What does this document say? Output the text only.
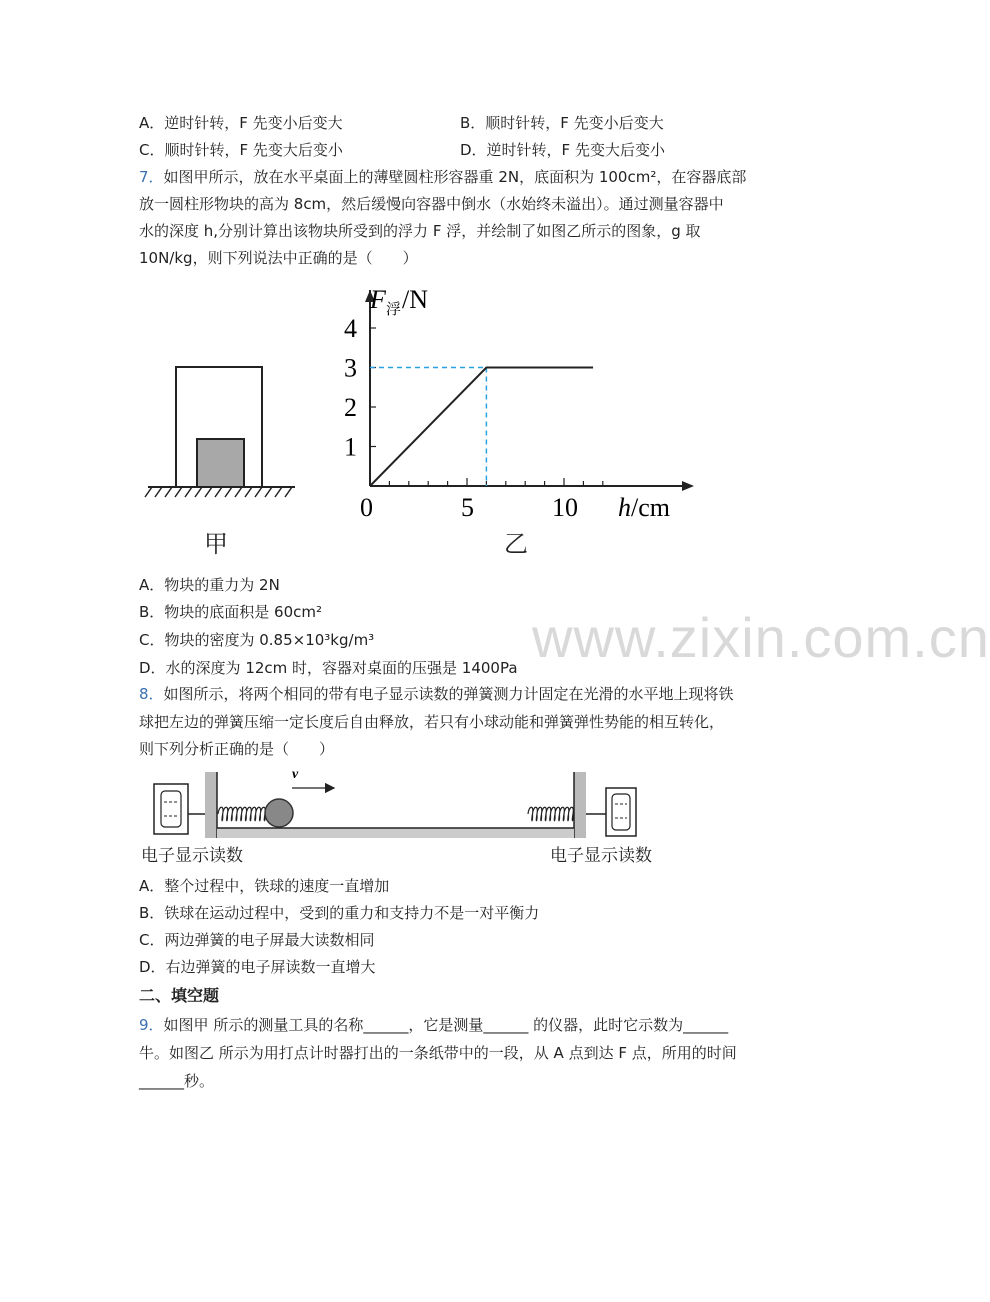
A．逆时针转，F 先变小后变大	B．顺时针转，F 先变小后变大
C．顺时针转，F 先变大后变小	D．逆时针转，F 先变大后变小
7．如图甲所示，放在水平桌面上的薄壁圆柱形容器重 2N，底面积为 100cm²，在容器底部
放一圆柱形物块的高为 8cm，然后缓慢向容器中倒水（水始终未溢出）。通过测量容器中
水的深度 h,分别计算出该物块所受到的浮力 F 浮，并绘制了如图乙所示的图象，g 取
10N/kg，则下列说法中正确的是（　　）
甲
0	5	10
1
2
3
4
F 浮 /N
h /cm
乙
A．物块的重力为 2N
B．物块的底面积是 60cm²
C．物块的密度为 0.85×10³kg/m³
D．水的深度为 12cm 时，容器对桌面的压强是 1400Pa www.zixin.com.cn
8．如图所示，将两个相同的带有电子显示读数的弹簧测力计固定在光滑的水平地上现将铁
球把左边的弹簧压缩一定长度后自由释放，若只有小球动能和弹簧弹性势能的相互转化，
则下列分析正确的是（　　）
v
电子显示读数	电子显示读数
A．整个过程中，铁球的速度一直增加
B．铁球在运动过程中，受到的重力和支持力不是一对平衡力
C．两边弹簧的电子屏最大读数相同
D．右边弹簧的电子屏读数一直增大
二、填空题
9．如图甲 所示的测量工具的名称______，它是测量______ 的仪器，此时它示数为______
牛。如图乙 所示为用打点计时器打出的一条纸带中的一段，从 A 点到达 F 点，所用的时间
______秒。
